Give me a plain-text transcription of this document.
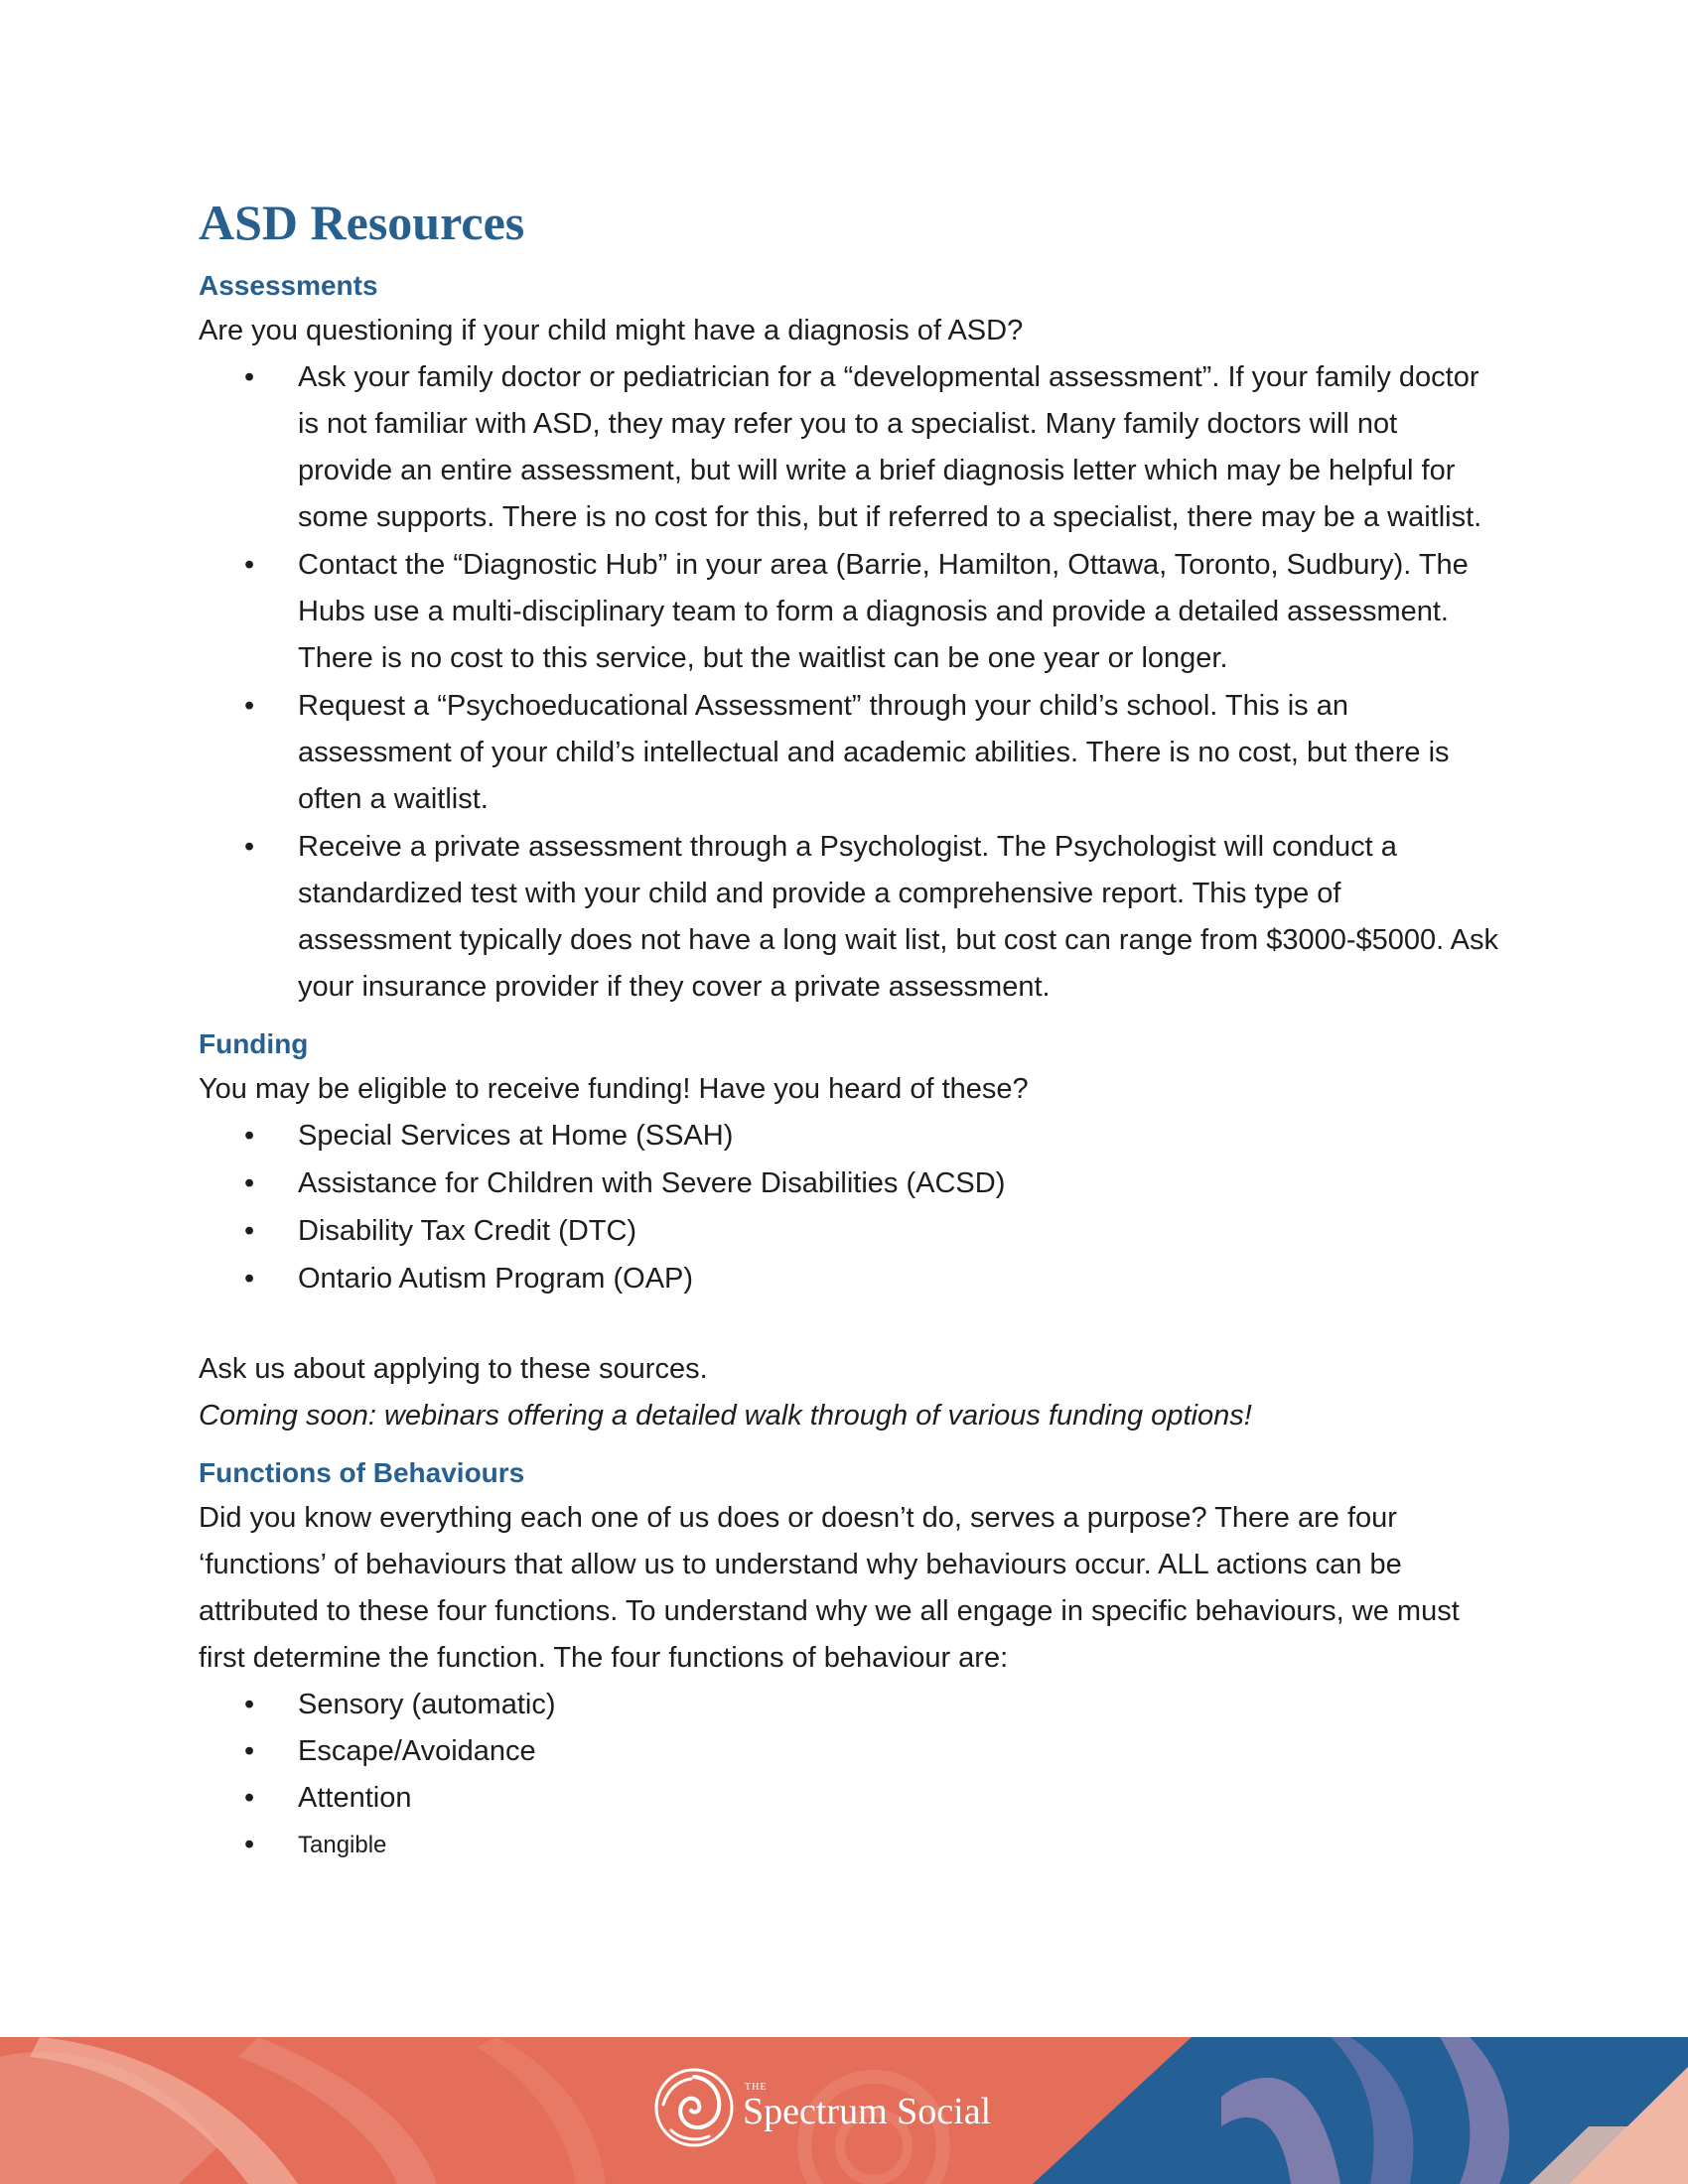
ASD Resources
Assessments

Are you questioning if your child might have a diagnosis of ASD?

• Ask your family doctor or pediatrician for a “developmental assessment”. If your family doctor is not familiar with ASD, they may refer you to a specialist. Many family doctors will not provide an entire assessment, but will write a brief diagnosis letter which may be helpful for some supports. There is no cost for this, but if referred to a specialist, there may be a waitlist.
• Contact the “Diagnostic Hub” in your area (Barrie, Hamilton, Ottawa, Toronto, Sudbury). The Hubs use a multi-disciplinary team to form a diagnosis and provide a detailed assessment. There is no cost to this service, but the waitlist can be one year or longer.
• Request a “Psychoeducational Assessment” through your child’s school. This is an assessment of your child’s intellectual and academic abilities. There is no cost, but there is often a waitlist.
• Receive a private assessment through a Psychologist. The Psychologist will conduct a standardized test with your child and provide a comprehensive report. This type of assessment typically does not have a long wait list, but cost can range from $3000-$5000. Ask your insurance provider if they cover a private assessment.
Funding

You may be eligible to receive funding! Have you heard of these?

• Special Services at Home (SSAH)
• Assistance for Children with Severe Disabilities (ACSD)
• Disability Tax Credit (DTC)
• Ontario Autism Program (OAP)

Ask us about applying to these sources.

Coming soon: webinars offering a detailed walk through of various funding options!

Functions of Behaviours

Did you know everything each one of us does or doesn’t do, serves a purpose? There are four ‘functions’ of behaviours that allow us to understand why behaviours occur. ALL actions can be attributed to these four functions. To understand why we all engage in specific behaviours, we must first determine the function. The four functions of behaviour are:

• Sensory (automatic)
• Escape/Avoidance
• Attention
• Tangible
THE
Spectrum Social
